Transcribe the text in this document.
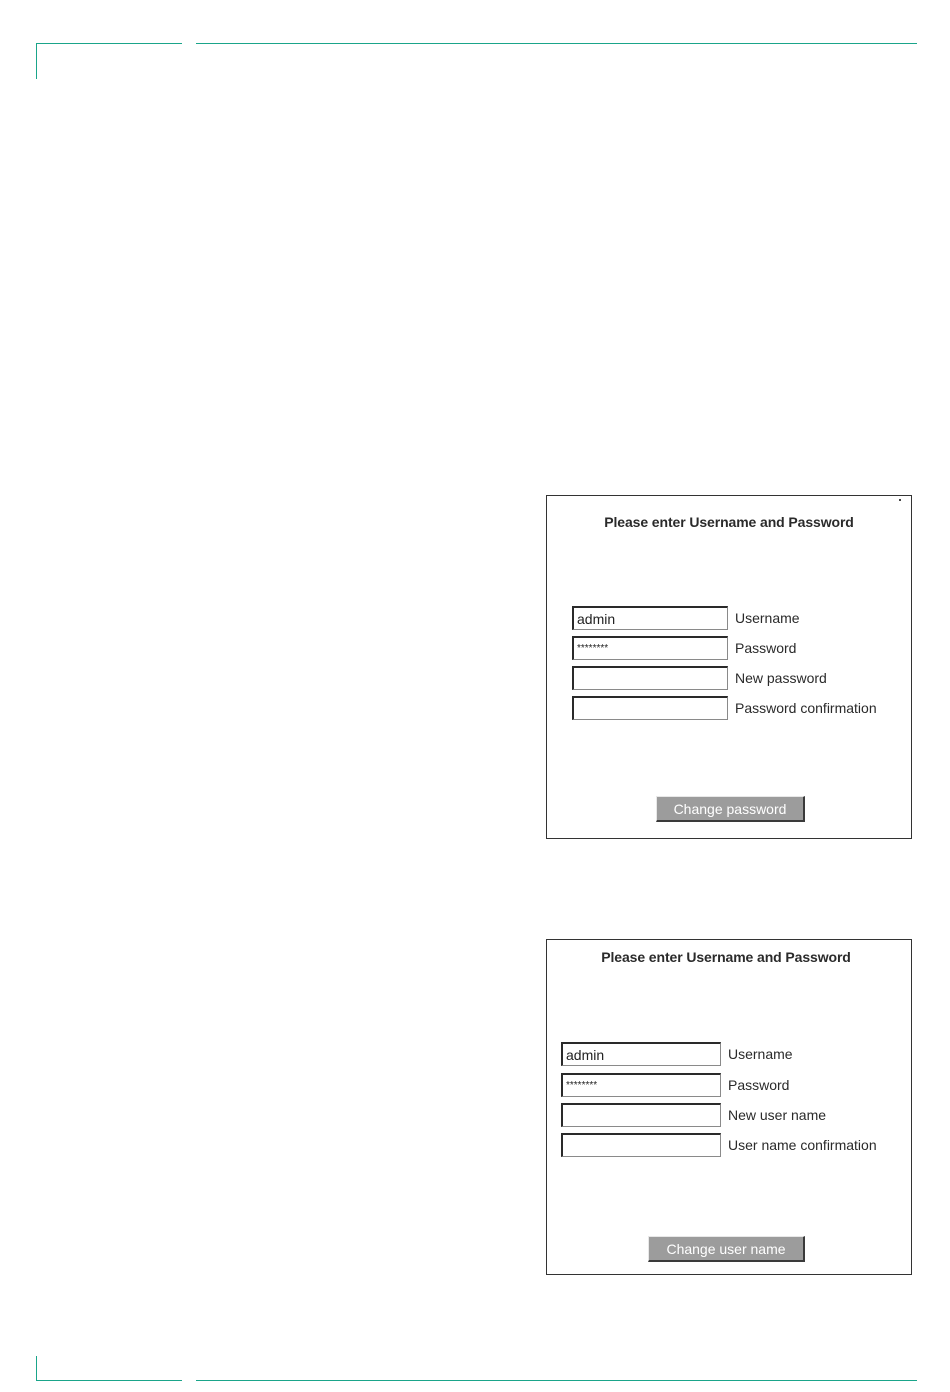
Please enter Username and Password
admin
Username
********
Password
New password
Password confirmation
Change password
Please enter Username and Password
admin
Username
********
Password
New user name
User name confirmation
Change user name
